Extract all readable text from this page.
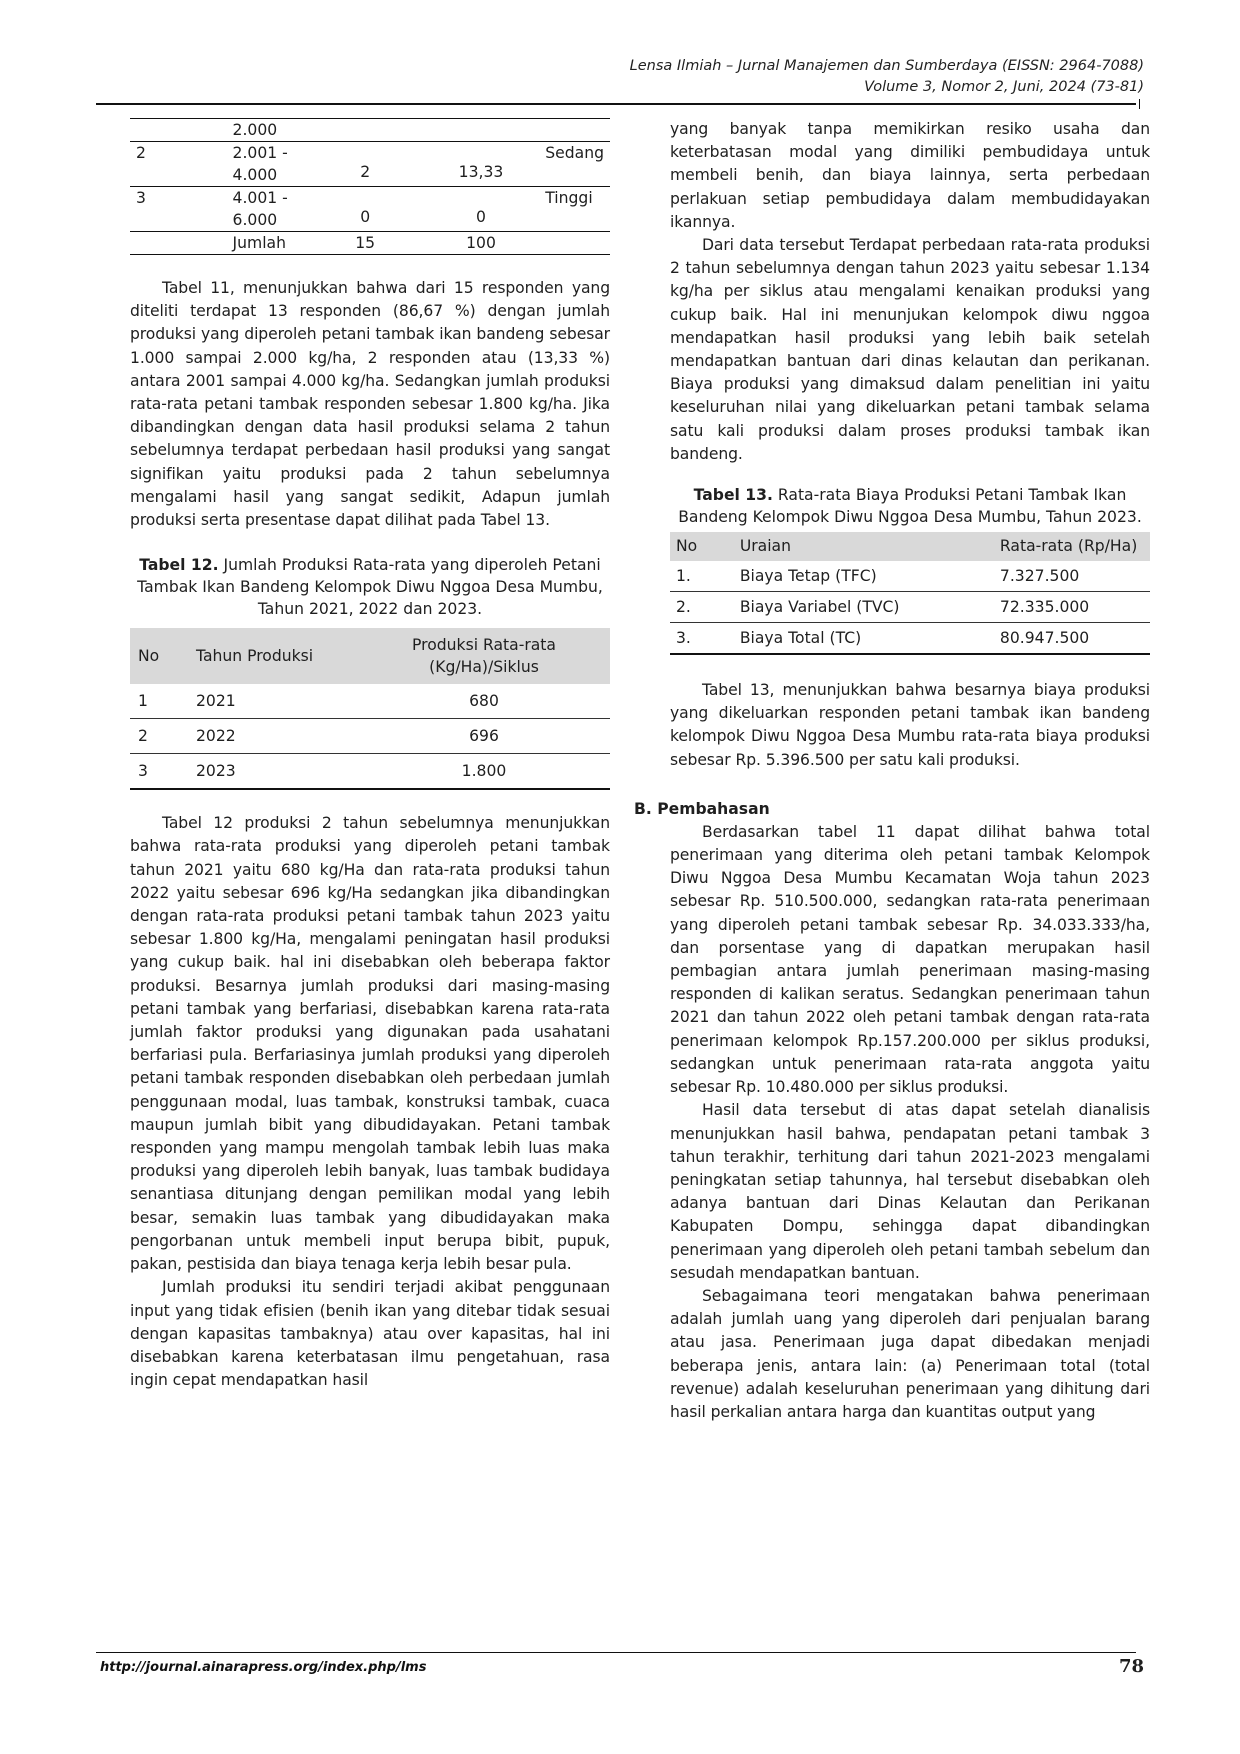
Lensa Ilmiah – Jurnal Manajemen dan Sumberdaya (EISSN: 2964-7088)
Volume 3, Nomor 2, Juni, 2024 (73-81)
	2.000			
2	2.001 - 4.000	2	13,33	Sedang
3	4.001 - 6.000	0	0	Tinggi
	Jumlah	15	100	

Tabel 11, menunjukkan bahwa dari 15 responden yang diteliti terdapat 13 responden (86,67 %) dengan jumlah produksi yang diperoleh petani tambak ikan bandeng sebesar 1.000 sampai 2.000 kg/ha, 2 responden atau (13,33 %) antara 2001 sampai 4.000 kg/ha. Sedangkan jumlah produksi rata-rata petani tambak responden sebesar 1.800 kg/ha. Jika dibandingkan dengan data hasil produksi selama 2 tahun sebelumnya terdapat perbedaan hasil produksi yang sangat signifikan yaitu produksi pada 2 tahun sebelumnya mengalami hasil yang sangat sedikit, Adapun jumlah produksi serta presentase dapat dilihat pada Tabel 13.

Tabel 12. Jumlah Produksi Rata-rata yang diperoleh Petani Tambak Ikan Bandeng Kelompok Diwu Nggoa Desa Mumbu, Tahun 2021, 2022 dan 2023.

No	Tahun Produksi	Produksi Rata-rata (Kg/Ha)/Siklus
1	2021	680
2	2022	696
3	2023	1.800

Tabel 12 produksi 2 tahun sebelumnya menunjukkan bahwa rata-rata produksi yang diperoleh petani tambak tahun 2021 yaitu 680 kg/Ha dan rata-rata produksi tahun 2022 yaitu sebesar 696 kg/Ha sedangkan jika dibandingkan dengan rata-rata produksi petani tambak tahun 2023 yaitu sebesar 1.800 kg/Ha, mengalami peningatan hasil produksi yang cukup baik. hal ini disebabkan oleh beberapa faktor produksi. Besarnya jumlah produksi dari masing-masing petani tambak yang berfariasi, disebabkan karena rata-rata jumlah faktor produksi yang digunakan pada usahatani berfariasi pula. Berfariasinya jumlah produksi yang diperoleh petani tambak responden disebabkan oleh perbedaan jumlah penggunaan modal, luas tambak, konstruksi tambak, cuaca maupun jumlah bibit yang dibudidayakan. Petani tambak responden yang mampu mengolah tambak lebih luas maka produksi yang diperoleh lebih banyak, luas tambak budidaya senantiasa ditunjang dengan pemilikan modal yang lebih besar, semakin luas tambak yang dibudidayakan maka pengorbanan untuk membeli input berupa bibit, pupuk, pakan, pestisida dan biaya tenaga kerja lebih besar pula.

Jumlah produksi itu sendiri terjadi akibat penggunaan input yang tidak efisien (benih ikan yang ditebar tidak sesuai dengan kapasitas tambaknya) atau over kapasitas, hal ini disebabkan karena keterbatasan ilmu pengetahuan, rasa ingin cepat mendapatkan hasil

yang banyak tanpa memikirkan resiko usaha dan keterbatasan modal yang dimiliki pembudidaya untuk membeli benih, dan biaya lainnya, serta perbedaan perlakuan setiap pembudidaya dalam membudidayakan ikannya.

Dari data tersebut Terdapat perbedaan rata-rata produksi 2 tahun sebelumnya dengan tahun 2023 yaitu sebesar 1.134 kg/ha per siklus atau mengalami kenaikan produksi yang cukup baik. Hal ini menunjukan kelompok diwu nggoa mendapatkan hasil produksi yang lebih baik setelah mendapatkan bantuan dari dinas kelautan dan perikanan. Biaya produksi yang dimaksud dalam penelitian ini yaitu keseluruhan nilai yang dikeluarkan petani tambak selama satu kali produksi dalam proses produksi tambak ikan bandeng.

Tabel 13. Rata-rata Biaya Produksi Petani Tambak Ikan Bandeng Kelompok Diwu Nggoa Desa Mumbu, Tahun 2023.

No	Uraian	Rata-rata (Rp/Ha)
1.	Biaya Tetap (TFC)	7.327.500
2.	Biaya Variabel (TVC)	72.335.000
3.	Biaya Total (TC)	80.947.500

Tabel 13, menunjukkan bahwa besarnya biaya produksi yang dikeluarkan responden petani tambak ikan bandeng kelompok Diwu Nggoa Desa Mumbu rata-rata biaya produksi sebesar Rp. 5.396.500 per satu kali produksi.

B. Pembahasan

Berdasarkan tabel 11 dapat dilihat bahwa total penerimaan yang diterima oleh petani tambak Kelompok Diwu Nggoa Desa Mumbu Kecamatan Woja tahun 2023 sebesar Rp. 510.500.000, sedangkan rata-rata penerimaan yang diperoleh petani tambak sebesar Rp. 34.033.333/ha, dan porsentase yang di dapatkan merupakan hasil pembagian antara jumlah penerimaan masing-masing responden di kalikan seratus. Sedangkan penerimaan tahun 2021 dan tahun 2022 oleh petani tambak dengan rata-rata penerimaan kelompok Rp.157.200.000 per siklus produksi, sedangkan untuk penerimaan rata-rata anggota yaitu sebesar Rp. 10.480.000 per siklus produksi.

Hasil data tersebut di atas dapat setelah dianalisis menunjukkan hasil bahwa, pendapatan petani tambak 3 tahun terakhir, terhitung dari tahun 2021-2023 mengalami peningkatan setiap tahunnya, hal tersebut disebabkan oleh adanya bantuan dari Dinas Kelautan dan Perikanan Kabupaten Dompu, sehingga dapat dibandingkan penerimaan yang diperoleh oleh petani tambah sebelum dan sesudah mendapatkan bantuan.

Sebagaimana teori mengatakan bahwa penerimaan adalah jumlah uang yang diperoleh dari penjualan barang atau jasa. Penerimaan juga dapat dibedakan menjadi beberapa jenis, antara lain: (a) Penerimaan total (total revenue) adalah keseluruhan penerimaan yang dihitung dari hasil perkalian antara harga dan kuantitas output yang

http://journal.ainarapress.org/index.php/lms	78
